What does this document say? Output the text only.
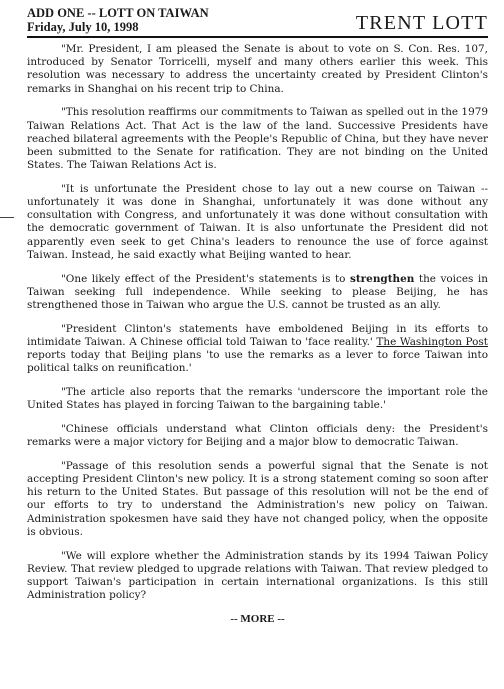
ADD ONE -- LOTT ON TAIWAN
Friday, July 10, 1998	TRENT LOTT

"Mr. President, I am pleased the Senate is about to vote on S. Con. Res. 107, introduced by Senator Torricelli, myself and many others earlier this week. This resolution was necessary to address the uncertainty created by President Clinton's remarks in Shanghai on his recent trip to China.

"This resolution reaffirms our commitments to Taiwan as spelled out in the 1979 Taiwan Relations Act. That Act is the law of the land. Successive Presidents have reached bilateral agreements with the People's Republic of China, but they have never been submitted to the Senate for ratification. They are not binding on the United States. The Taiwan Relations Act is.

"It is unfortunate the President chose to lay out a new course on Taiwan -- unfortunately it was done in Shanghai, unfortunately it was done without any consultation with Congress, and unfortunately it was done without consultation with the democratic government of Taiwan. It is also unfortunate the President did not apparently even seek to get China's leaders to renounce the use of force against Taiwan. Instead, he said exactly what Beijing wanted to hear.

"One likely effect of the President's statements is to strengthen the voices in Taiwan seeking full independence. While seeking to please Beijing, he has strengthened those in Taiwan who argue the U.S. cannot be trusted as an ally.

"President Clinton's statements have emboldened Beijing in its efforts to intimidate Taiwan. A Chinese official told Taiwan to 'face reality.' The Washington Post reports today that Beijing plans 'to use the remarks as a lever to force Taiwan into political talks on reunification.'

"The article also reports that the remarks 'underscore the important role the United States has played in forcing Taiwan to the bargaining table.'

"Chinese officials understand what Clinton officials deny: the President's remarks were a major victory for Beijing and a major blow to democratic Taiwan.

"Passage of this resolution sends a powerful signal that the Senate is not accepting President Clinton's new policy. It is a strong statement coming so soon after his return to the United States. But passage of this resolution will not be the end of our efforts to try to understand the Administration's new policy on Taiwan. Administration spokesmen have said they have not changed policy, when the opposite is obvious.

"We will explore whether the Administration stands by its 1994 Taiwan Policy Review. That review pledged to upgrade relations with Taiwan. That review pledged to support Taiwan's participation in certain international organizations. Is this still Administration policy?

-- MORE --
